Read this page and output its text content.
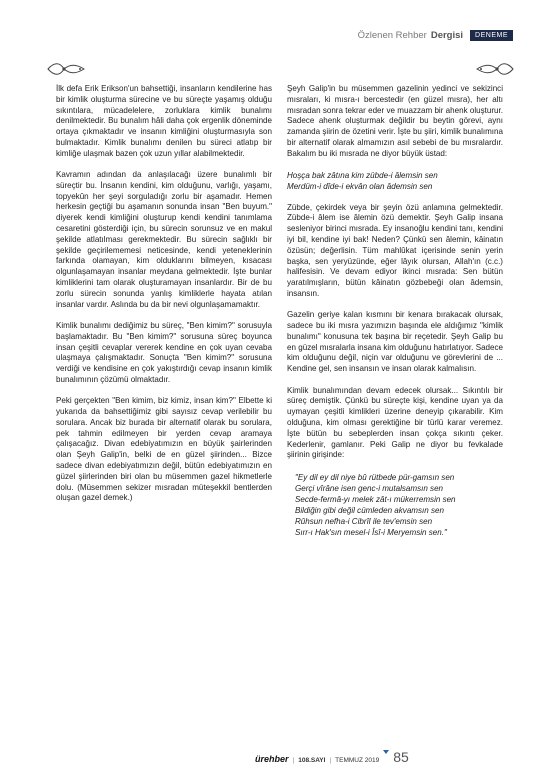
Özlenen Rehber Dergisi	DENEME

İlk defa Erik Erikson'un bahsettiği, insanların kendilerine has bir kimlik oluşturma sürecine ve bu süreçte yaşamış olduğu sıkıntılara, mücadelelere, zorluklara kimlik bunalımı denilmektedir. Bu bunalım hâli daha çok ergenlik döneminde ortaya çıkmaktadır ve insanın kimliğini oluşturmasıyla son bulmaktadır. Kimlik bunalımı denilen bu süreci atlatıp bir kimliğe ulaşmak bazen çok uzun yıllar alabilmektedir.

Kavramın adından da anlaşılacağı üzere bunalımlı bir süreçtir bu. İnsanın kendini, kim olduğunu, varlığı, yaşamı, topyekûn her şeyi sorguladığı zorlu bir aşamadır. Hemen herkesin geçtiği bu aşamanın sonunda insan "Ben buyum." diyerek kendi kimliğini oluşturup kendi kendini tanımlama cesaretini gösterdiği için, bu sürecin sorunsuz ve en makul şekilde atlatılması gerekmektedir. Bu sürecin sağlıklı bir şekilde geçirilememesi neticesinde, kendi yeteneklerinin farkında olamayan, kim olduklarını bilmeyen, kısacası olgunlaşamayan insanlar meydana gelmektedir. İşte bunlar kimliklerini tam olarak oluşturamayan insanlardır. Bir de bu zorlu sürecin sonunda yanlış kimliklerle hayata atılan insanlar vardır. Aslında bu da bir nevi olgunlaşamamaktır.

Kimlik bunalımı dediğimiz bu süreç, "Ben kimim?" sorusuyla başlamaktadır. Bu "Ben kimim?" sorusuna süreç boyunca insan çeşitli cevaplar vererek kendine en çok uyan cevaba ulaşmaya çalışmaktadır. Sonuçta "Ben kimim?" sorusuna verdiği ve kendisine en çok yakıştırdığı cevap insanın kimlik bunalımının çözümü olmaktadır.

Peki gerçekten "Ben kimim, biz kimiz, insan kim?" Elbette ki yukarıda da bahsettiğimiz gibi sayısız cevap verilebilir bu sorulara. Ancak biz burada bir alternatif olarak bu sorulara, pek tahmin edilmeyen bir yerden cevap aramaya çalışacağız. Divan edebiyatımızın en büyük şairlerinden olan Şeyh Galip'in, belki de en güzel şiirinden... Bizce sadece divan edebiyatımızın değil, bütün edebiyatımızın en güzel şiirlerinden biri olan bu müsemmen gazel hikmetlerle dolu. (Müsemmen sekizer mısradan müteşekkil bentlerden oluşan gazel demek.)

Şeyh Galip'in bu müsemmen gazelinin yedinci ve sekizinci mısraları, ki mısra-ı bercestedir (en güzel mısra), her altı mısradan sonra tekrar eder ve muazzam bir ahenk oluşturur. Sadece ahenk oluşturmak değildir bu beytin görevi, aynı zamanda şiirin de özetini verir. İşte bu şiiri, kimlik bunalımına bir alternatif olarak almamızın asıl sebebi de bu mısralardır. Bakalım bu iki mısrada ne diyor büyük üstad:

Hoşça bak zâtına kim zübde-i âlemsin sen
Merdüm-i dîde-i ekvân olan âdemsin sen

Zübde, çekirdek veya bir şeyin özü anlamına gelmektedir. Zübde-i âlem ise âlemin özü demektir. Şeyh Galip insana sesleniyor birinci mısrada. Ey insanoğlu kendini tanı, kendini iyi bil, kendine iyi bak! Neden? Çünkü sen âlemin, kâinatın özüsün; değerlisin. Tüm mahlûkat içerisinde senin yerin başka, sen yeryüzünde, eğer lâyık olursan, Allah'ın (c.c.) halifesisin. Ve devam ediyor ikinci mısrada: Sen bütün yaratılmışların, bütün kâinatın gözbebeği olan âdemsin, insansın.

Gazelin geriye kalan kısmını bir kenara bırakacak olursak, sadece bu iki mısra yazımızın başında ele aldığımız "kimlik bunalımı" konusuna tek başına bir reçetedir. Şeyh Galip bu en güzel mısralarla insana kim olduğunu hatırlatıyor. Sadece kim olduğunu değil, niçin var olduğunu ve görevlerini de ... Kendine gel, sen insansın ve insan olarak kalmalısın.

Kimlik bunalımından devam edecek olursak... Sıkıntılı bir süreç demiştik. Çünkü bu süreçte kişi, kendine uyan ya da uymayan çeşitli kimlikleri üzerine deneyip çıkarabilir. Kim olduğuna, kim olması gerektiğine bir türlü karar veremez. İşte bütün bu sebeplerden insan çokça sıkıntı çeker. Kederlenir, gamlanır. Peki Galip ne diyor bu fevkalade şiirinin girişinde:

"Ey dil ey dil niye bû rütbede pür-gamsın sen
Gerçi vîrâne isen genc-i mutalsamsın sen
Secde-fermâ-yı melek zât-ı mükerremsin sen
Bildiğin gibi değil cümleden akvamsın sen
Rûhsun nefha-i Cibrîl ile tev'emsin sen
Sırr-ı Hak'sın mesel-i Îsî-i Meryemsin sen."
ürehber | 108.SAYI | TEMMUZ 2019 85
